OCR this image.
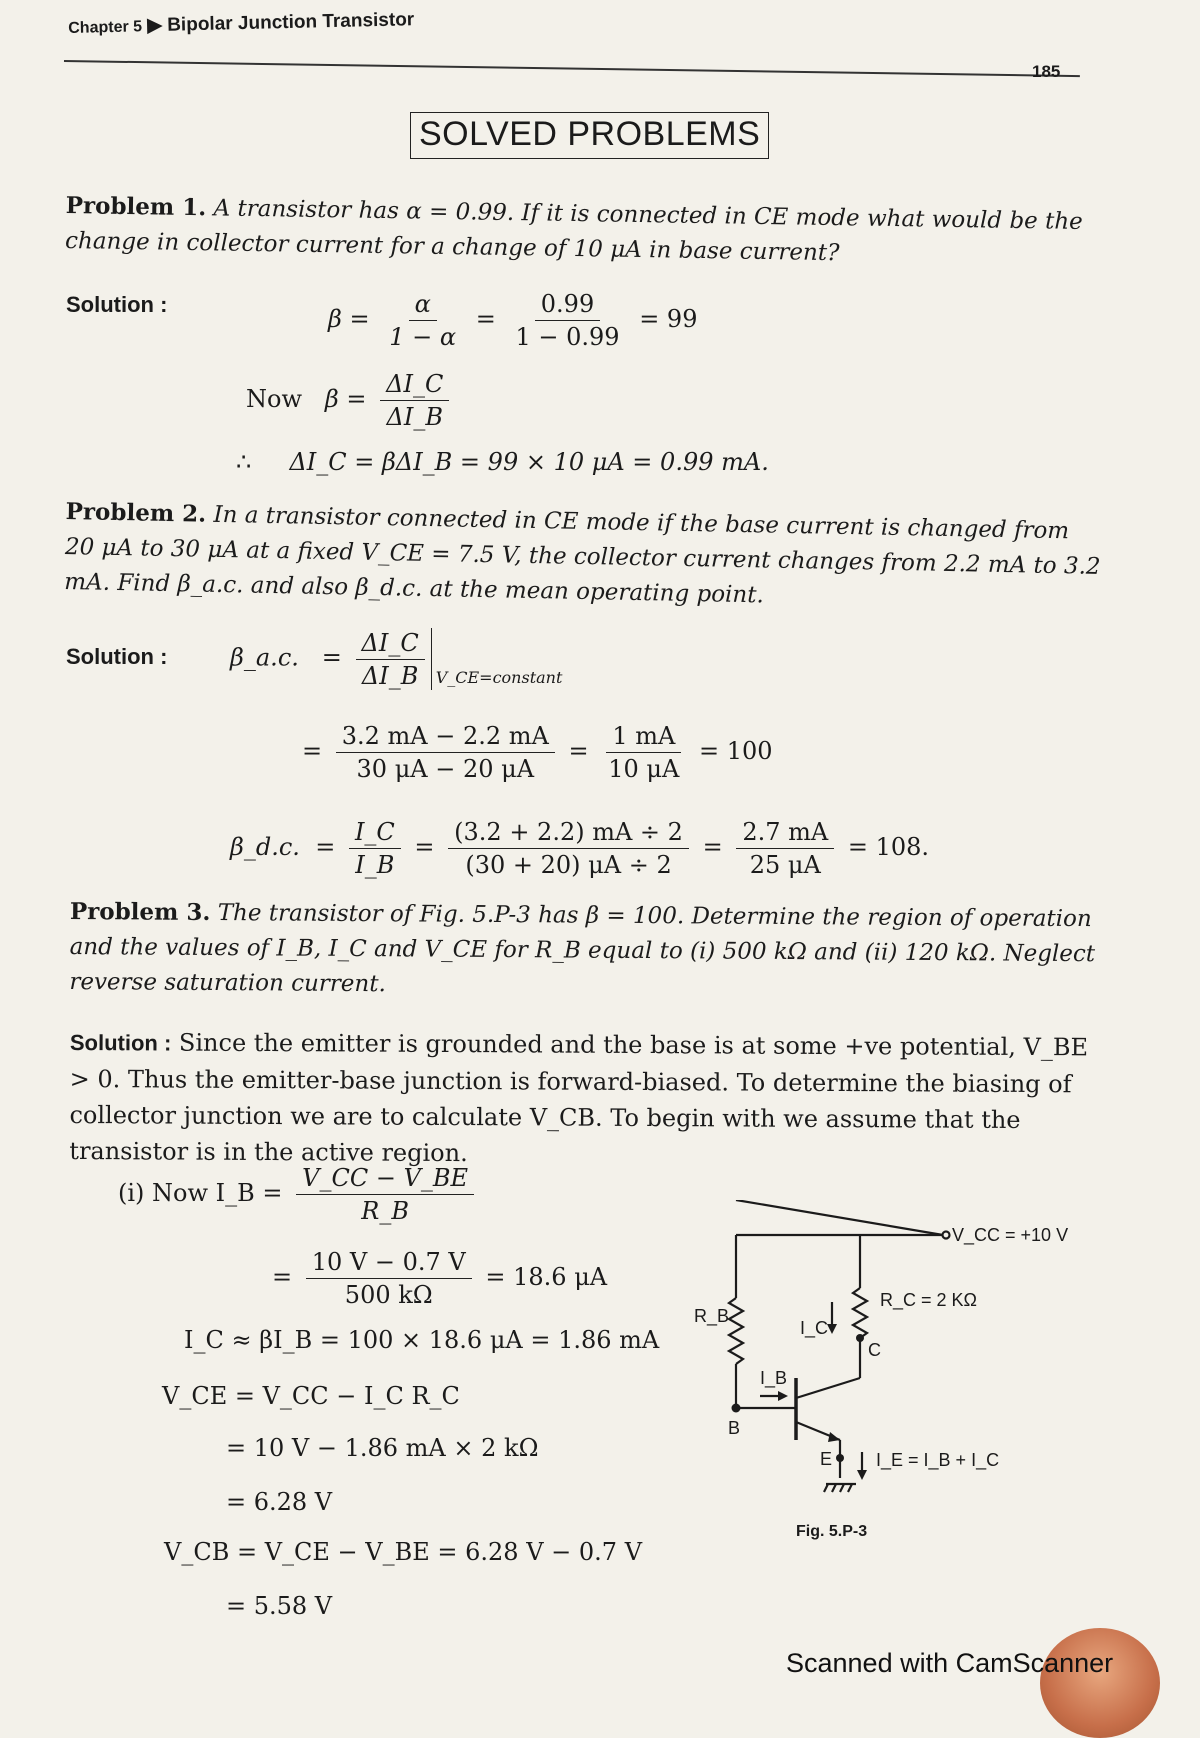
Chapter 5 ▶ Bipolar Junction Transistor
185
SOLVED PROBLEMS
Problem 1. A transistor has α = 0.99. If it is connected in CE mode what would be the change in collector current for a change of 10 μA in base current?
Solution :
$\beta = \frac{\alpha}{1 - \alpha} = \frac{0.99}{1 - 0.99} = 99$
Now $\beta = \frac{\Delta I\_C}{\Delta I\_B}$
∴ ΔI_C = βΔI_B = 99 × 10 μA = 0.99 mA.
Problem 2. In a transistor connected in CE mode if the base current is changed from 20 μA to 30 μA at a fixed V_CE = 7.5 V, the collector current changes from 2.2 mA to 3.2 mA. Find β_a.c. and also β_d.c. at the mean operating point.
Solution :	β_a.c.   = $\frac{\Delta I\_C}{\Delta I\_B}$ V_CE=constant
= $\frac{3.2 mA - 2.2 mA}{30 \mu A - 20 \mu A} = \frac{1 mA}{10 \mu A} = 100$
β_d.c.  = $\frac{I\_C}{I\_B} = \frac{(3.2 + 2.2) mA \div 2}{(30 + 20) \mu A \div 2} = \frac{2.7 mA}{25 \mu A} = 108$.
Problem 3. The transistor of Fig. 5.P-3 has β = 100. Determine the region of operation and the values of I_B, I_C and V_CE for R_B equal to (i) 500 kΩ and (ii) 120 kΩ. Neglect reverse saturation current.
Solution : Since the emitter is grounded and the base is at some +ve potential, V_BE > 0. Thus the emitter-base junction is forward-biased. To determine the biasing of collector junction we are to calculate V_CB. To begin with we assume that the transistor is in the active region.
(i) Now I_B = $\frac{V\_CC - V\_BE}{R\_B}$
= $\frac{10 V - 0.7 V}{500 k\Omega} = 18.6$ μA
I_C ≈ βI_B = 100 × 18.6 μA = 1.86 mA
V_CE = V_CC − I_C R_C
= 10 V − 1.86 mA × 2 kΩ
= 6.28 V
V_CB = V_CE − V_BE = 6.28 V − 0.7 V
= 5.58 V
V_CC = +10 V
R_C = 2 KΩ
R_B
I_C
C
I_B
B
E I_E = I_B + I_C
Fig. 5.P-3
Scanned with CamScanner
